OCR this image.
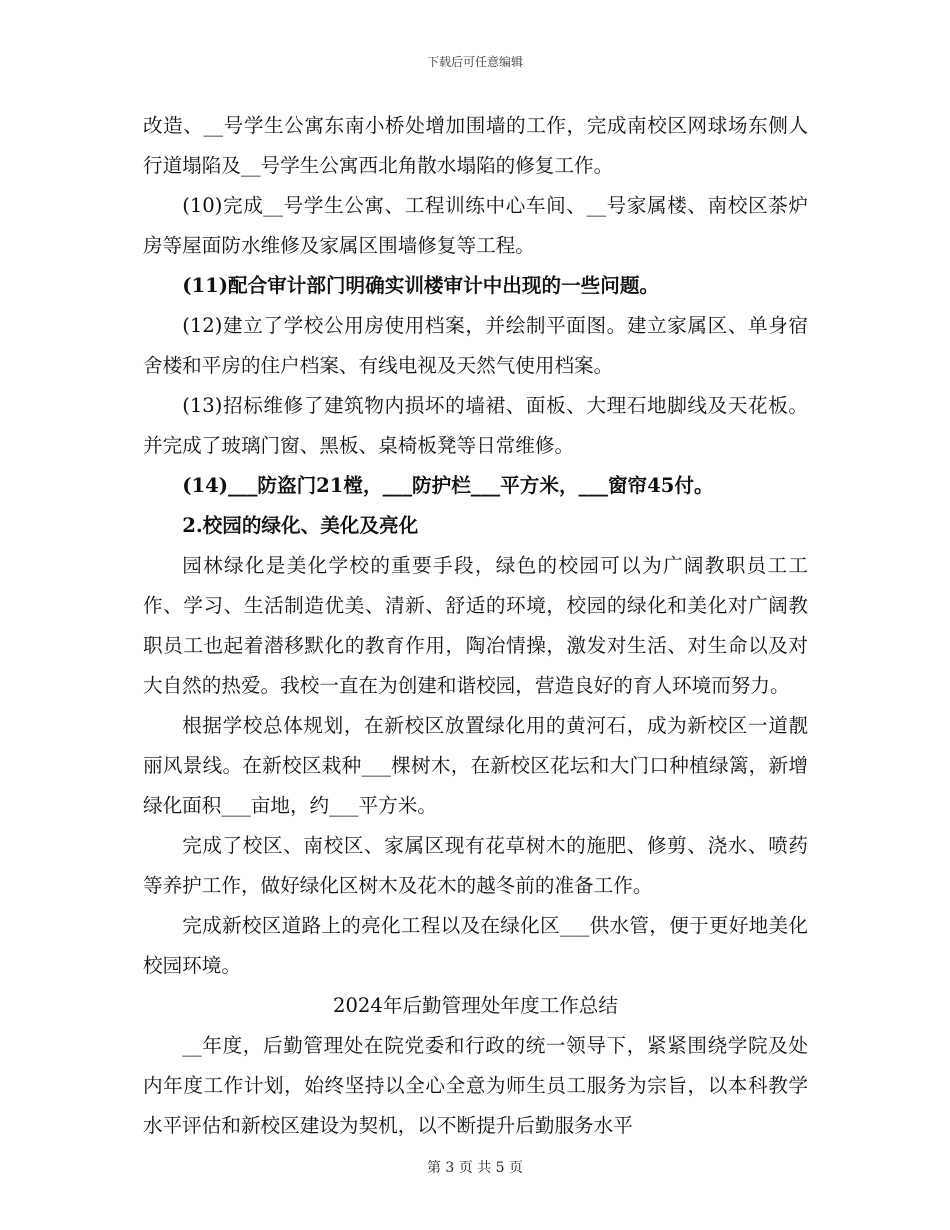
下载后可任意编辑

改造、__号学生公寓东南小桥处增加围墙的工作，完成南校区网球场东侧人行道塌陷及__号学生公寓西北角散水塌陷的修复工作。

(10)完成__号学生公寓、工程训练中心车间、__号家属楼、南校区茶炉房等屋面防水维修及家属区围墙修复等工程。

(11)配合审计部门明确实训楼审计中出现的一些问题。

(12)建立了学校公用房使用档案，并绘制平面图。建立家属区、单身宿舍楼和平房的住户档案、有线电视及天然气使用档案。

(13)招标维修了建筑物内损坏的墙裙、面板、大理石地脚线及天花板。并完成了玻璃门窗、黑板、桌椅板凳等日常维修。

(14)___防盗门21樘，___防护栏___平方米，___窗帘45付。

2.校园的绿化、美化及亮化

园林绿化是美化学校的重要手段，绿色的校园可以为广阔教职员工工作、学习、生活制造优美、清新、舒适的环境，校园的绿化和美化对广阔教职员工也起着潜移默化的教育作用，陶冶情操，激发对生活、对生命以及对大自然的热爱。我校一直在为创建和谐校园，营造良好的育人环境而努力。

根据学校总体规划，在新校区放置绿化用的黄河石，成为新校区一道靓丽风景线。在新校区栽种___棵树木，在新校区花坛和大门口种植绿篱，新增绿化面积___亩地，约___平方米。

完成了校区、南校区、家属区现有花草树木的施肥、修剪、浇水、喷药等养护工作，做好绿化区树木及花木的越冬前的准备工作。

完成新校区道路上的亮化工程以及在绿化区___供水管，便于更好地美化校园环境。

2024年后勤管理处年度工作总结

__年度，后勤管理处在院党委和行政的统一领导下，紧紧围绕学院及处内年度工作计划，始终坚持以全心全意为师生员工服务为宗旨，以本科教学水平评估和新校区建设为契机，以不断提升后勤服务水平

第 3 页 共 5 页
